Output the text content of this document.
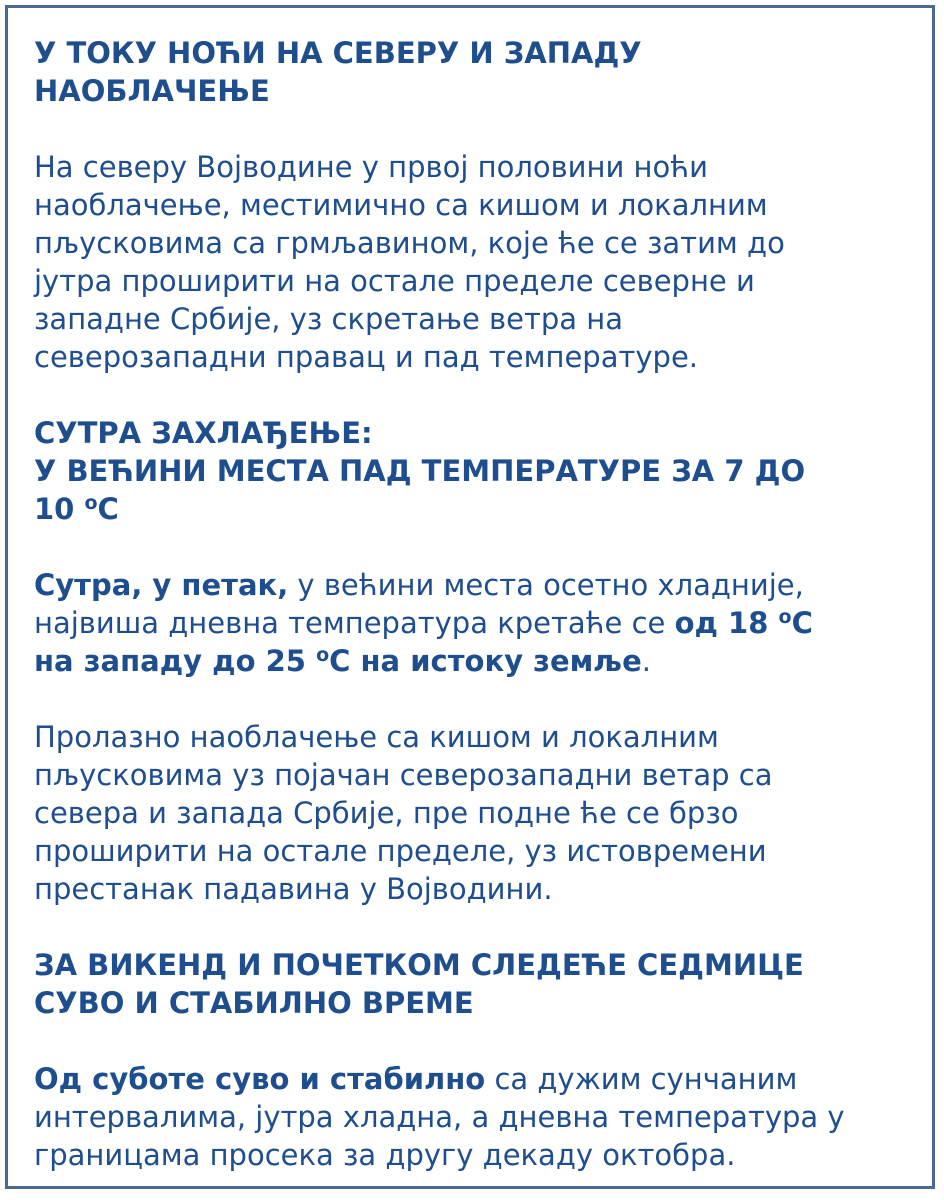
У ТОКУ НОЋИ НА СЕВЕРУ И ЗАПАДУ
НАОБЛАЧЕЊЕ
На северу Војводине у првој половини ноћи
наоблачење, местимично са кишом и локалним
пљусковима са грмљавином, које ће се затим до
јутра проширити на остале пределе северне и
западне Србије, уз скретање ветра на
северозападни правац и пад температуре.
СУТРА ЗАХЛАЂЕЊЕ:
У ВЕЋИНИ МЕСТА ПАД ТЕМПЕРАТУРЕ ЗА 7 ДО
10 $^o$C
Сутра, у петак, у већини места осетно хладније,
највиша дневна температура кретаће се од 18 $^o$C
на западу до 25 $^o$C на истоку земље.
Пролазно наоблачење са кишом и локалним
пљусковима уз појачан северозападни ветар са
севера и запада Србије, пре подне ће се брзо
проширити на остале пределе, уз истовремени
престанак падавина у Војводини.
ЗА ВИКЕНД И ПОЧЕТКОМ СЛЕДЕЋЕ СЕДМИЦЕ
СУВО И СТАБИЛНО ВРЕМЕ
Од суботе суво и стабилно са дужим сунчаним
интервалима, јутра хладна, а дневна температура у
границама просека за другу декаду октобра.
